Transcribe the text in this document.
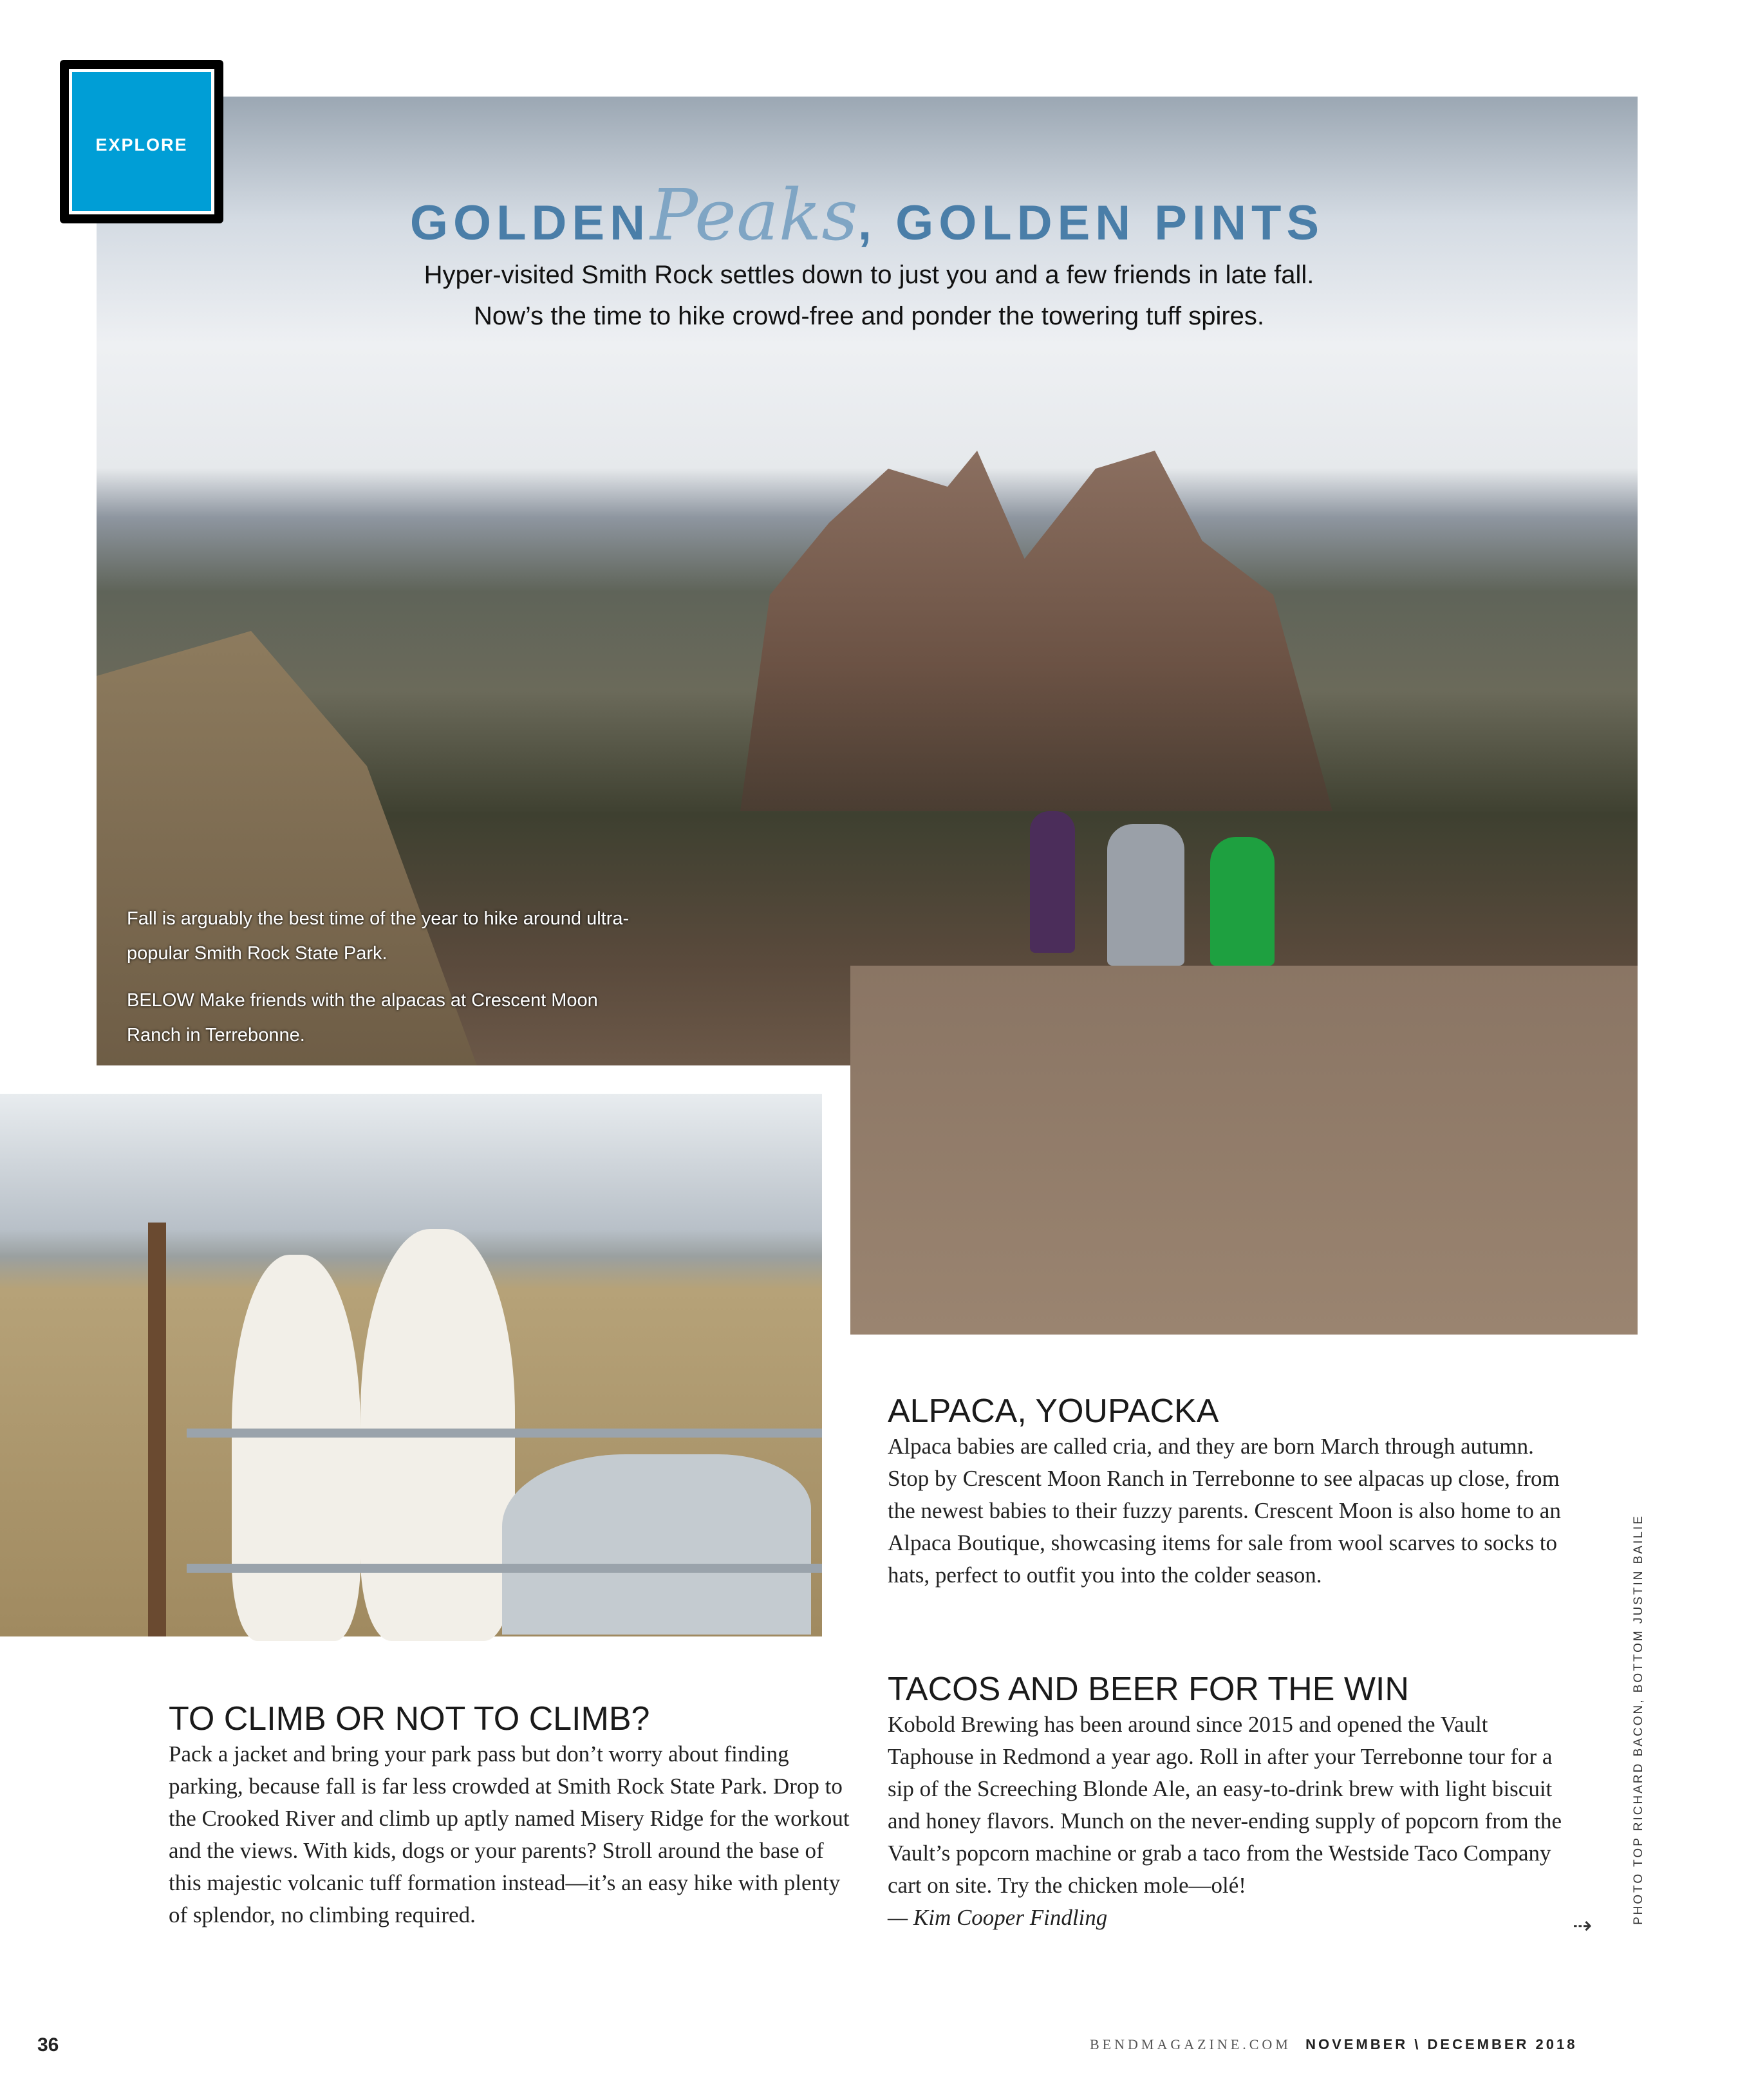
EXPLORE
GOLDENPeaks, GOLDEN PINTS
Hyper-visited Smith Rock settles down to just you and a few friends in late fall. Now’s the time to hike crowd-free and ponder the towering tuff spires.
Fall is arguably the best time of the year to hike around ultra-popular Smith Rock State Park.
BELOW Make friends with the alpacas at Crescent Moon Ranch in Terrebonne.
TO CLIMB OR NOT TO CLIMB?

Pack a jacket and bring your park pass but don’t worry about finding parking, because fall is far less crowded at Smith Rock State Park. Drop to the Crooked River and climb up aptly named Misery Ridge for the workout and the views. With kids, dogs or your parents? Stroll around the base of this majestic volcanic tuff formation instead—it’s an easy hike with plenty of splendor, no climbing required.

ALPACA, YOUPACKA

Alpaca babies are called cria, and they are born March through autumn. Stop by Crescent Moon Ranch in Terrebonne to see alpacas up close, from the newest babies to their fuzzy parents. Crescent Moon is also home to an Alpaca Boutique, showcasing items for sale from wool scarves to socks to hats, perfect to outfit you into the colder season.

TACOS AND BEER FOR THE WIN

Kobold Brewing has been around since 2015 and opened the Vault Taphouse in Redmond a year ago. Roll in after your Terrebonne tour for a sip of the Screeching Blonde Ale, an easy-to-drink brew with light biscuit and honey flavors. Munch on the never-ending supply of popcorn from the Vault’s popcorn machine or grab a taco from the Westside Taco Company cart on site. Try the chicken mole—olé!

— Kim Cooper Findling	⇢
PHOTO TOP RICHARD BACON, BOTTOM JUSTIN BAILIE
36	BENDMAGAZINE.COM NOVEMBER \ DECEMBER 2018
